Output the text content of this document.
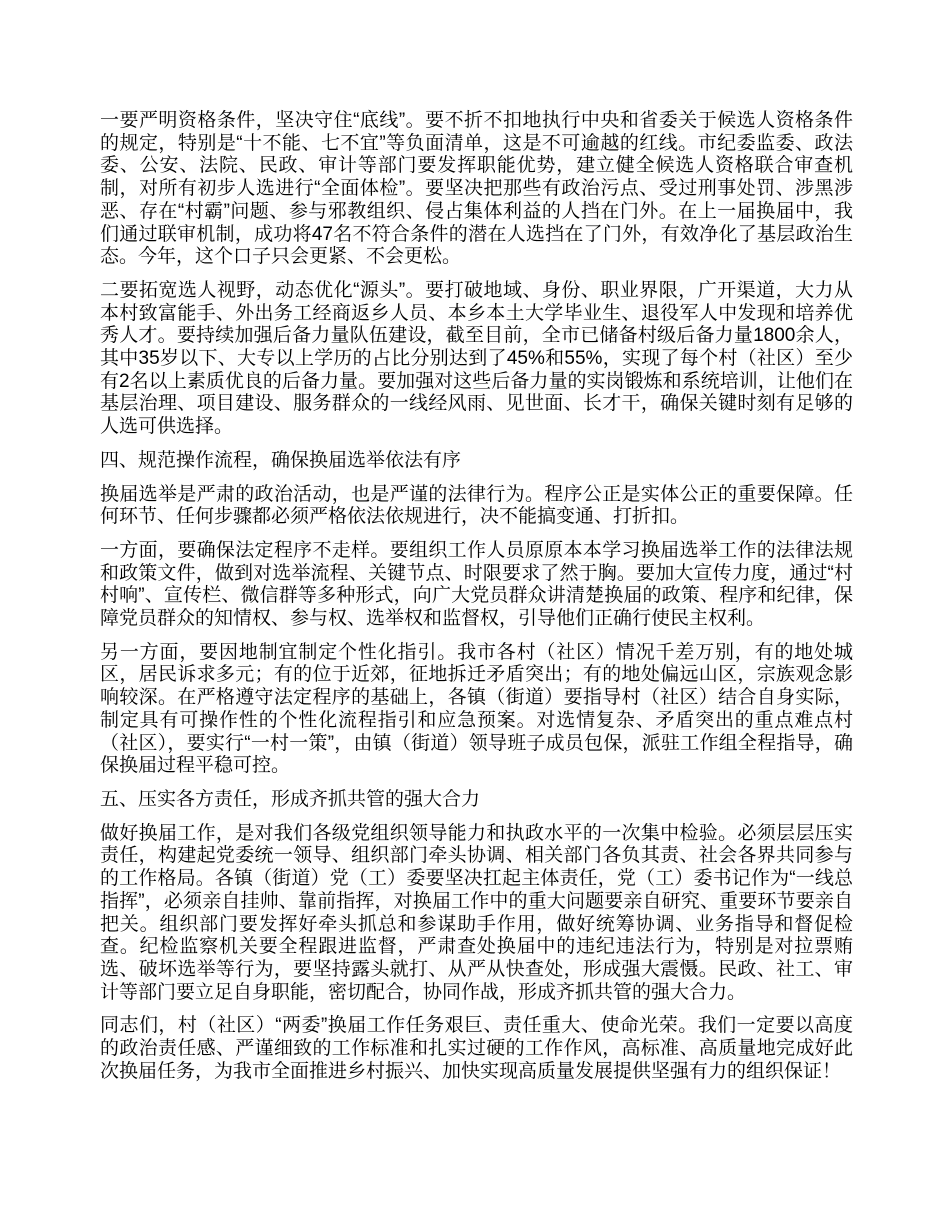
一要严明资格条件，坚决守住“底线”。要不折不扣地执行中央和省委关于候选人资格条件的规定，特别是“十不能、七不宜”等负面清单，这是不可逾越的红线。市纪委监委、政法委、公安、法院、民政、审计等部门要发挥职能优势，建立健全候选人资格联合审查机制，对所有初步人选进行“全面体检”。要坚决把那些有政治污点、受过刑事处罚、涉黑涉恶、存在“村霸”问题、参与邪教组织、侵占集体利益的人挡在门外。在上一届换届中，我们通过联审机制，成功将47名不符合条件的潜在人选挡在了门外，有效净化了基层政治生态。今年，这个口子只会更紧、不会更松。

二要拓宽选人视野，动态优化“源头”。要打破地域、身份、职业界限，广开渠道，大力从本村致富能手、外出务工经商返乡人员、本乡本土大学毕业生、退役军人中发现和培养优秀人才。要持续加强后备力量队伍建设，截至目前，全市已储备村级后备力量1800余人，其中35岁以下、大专以上学历的占比分别达到了45%和55%，实现了每个村（社区）至少有2名以上素质优良的后备力量。要加强对这些后备力量的实岗锻炼和系统培训，让他们在基层治理、项目建设、服务群众的一线经风雨、见世面、长才干，确保关键时刻有足够的人选可供选择。

四、规范操作流程，确保换届选举依法有序

换届选举是严肃的政治活动，也是严谨的法律行为。程序公正是实体公正的重要保障。任何环节、任何步骤都必须严格依法依规进行，决不能搞变通、打折扣。

一方面，要确保法定程序不走样。要组织工作人员原原本本学习换届选举工作的法律法规和政策文件，做到对选举流程、关键节点、时限要求了然于胸。要加大宣传力度，通过“村村响”、宣传栏、微信群等多种形式，向广大党员群众讲清楚换届的政策、程序和纪律，保障党员群众的知情权、参与权、选举权和监督权，引导他们正确行使民主权利。

另一方面，要因地制宜制定个性化指引。我市各村（社区）情况千差万别，有的地处城区，居民诉求多元；有的位于近郊，征地拆迁矛盾突出；有的地处偏远山区，宗族观念影响较深。在严格遵守法定程序的基础上，各镇（街道）要指导村（社区）结合自身实际，制定具有可操作性的个性化流程指引和应急预案。对选情复杂、矛盾突出的重点难点村（社区），要实行“一村一策”，由镇（街道）领导班子成员包保，派驻工作组全程指导，确保换届过程平稳可控。

五、压实各方责任，形成齐抓共管的强大合力

做好换届工作，是对我们各级党组织领导能力和执政水平的一次集中检验。必须层层压实责任，构建起党委统一领导、组织部门牵头协调、相关部门各负其责、社会各界共同参与的工作格局。各镇（街道）党（工）委要坚决扛起主体责任，党（工）委书记作为“一线总指挥”，必须亲自挂帅、靠前指挥，对换届工作中的重大问题要亲自研究、重要环节要亲自把关。组织部门要发挥好牵头抓总和参谋助手作用，做好统筹协调、业务指导和督促检查。纪检监察机关要全程跟进监督，严肃查处换届中的违纪违法行为，特别是对拉票贿选、破坏选举等行为，要坚持露头就打、从严从快查处，形成强大震慑。民政、社工、审计等部门要立足自身职能，密切配合，协同作战，形成齐抓共管的强大合力。

同志们，村（社区）“两委”换届工作任务艰巨、责任重大、使命光荣。我们一定要以高度的政治责任感、严谨细致的工作标准和扎实过硬的工作作风，高标准、高质量地完成好此次换届任务，为我市全面推进乡村振兴、加快实现高质量发展提供坚强有力的组织保证！
